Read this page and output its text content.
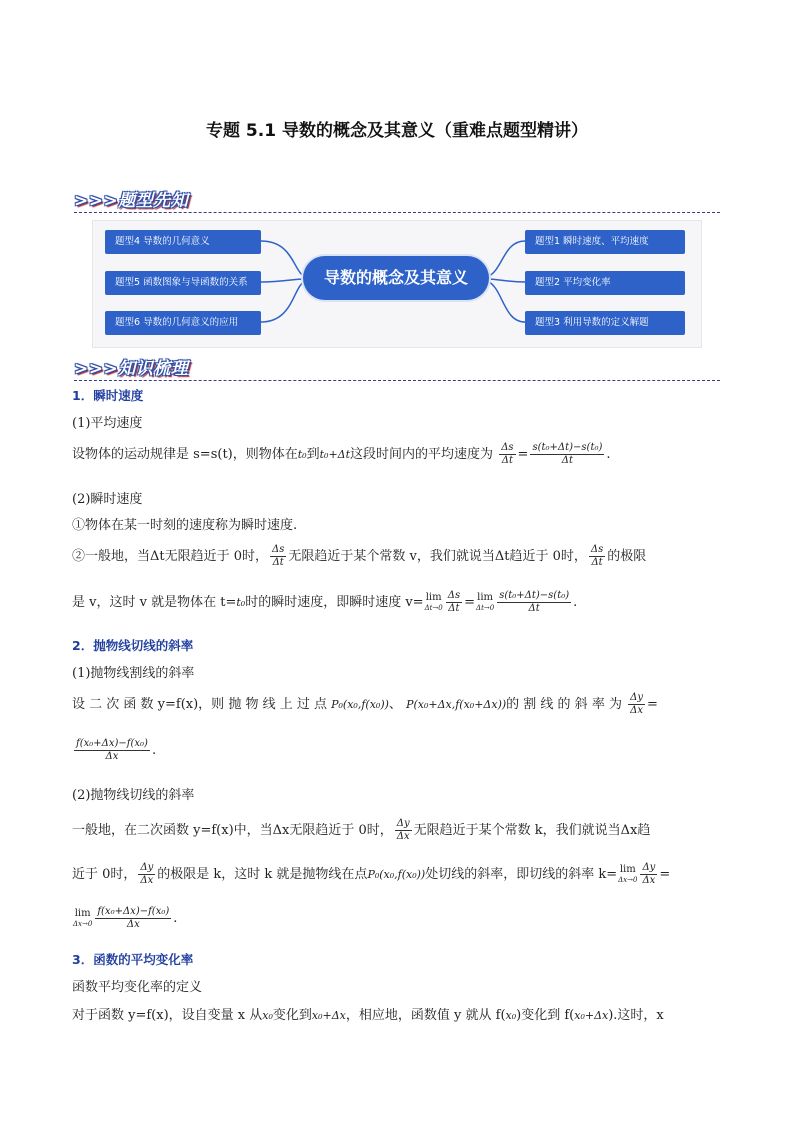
专题 5.1 导数的概念及其意义（重难点题型精讲）
>>>题型先知
题型4 导数的几何意义
题型5 函数图象与导函数的关系
题型6 导数的几何意义的应用
导数的概念及其意义
题型1 瞬时速度、平均速度
题型2 平均变化率
题型3 利用导数的定义解题
>>>知识梳理
1．瞬时速度
(1)平均速度
设物体的运动规律是 s=s(t)，则物体在t₀到t₀+Δt这段时间内的平均速度为 $\frac{\Delta s}{\Delta t} = \frac{\text{s(t₀+Δt)−s(t₀)}}{\Delta t}$ .
(2)瞬时速度
①物体在某一时刻的速度称为瞬时速度.
②一般地，当Δt无限趋近于 0时， $\frac{\Delta s}{\Delta t}$ 无限趋近于某个常数 v，我们就说当Δt趋近于 0时， $\frac{\Delta s}{\Delta t}$ 的极限
是 v，这时 v 就是物体在 t=t₀时的瞬时速度，即瞬时速度 v= lim
$\Delta t\to 0 \frac{\Delta s}{\Delta t} = \lim$
$\Delta t\to 0 \frac{\text{s(t₀+Δt)−s(t₀)}}{\Delta t}$ .
2．抛物线切线的斜率
(1)抛物线割线的斜率
设 二 次 函 数 y=f(x)，则 抛 物 线 上 过 点 P₀(x₀,f(x₀))、 P(x₀+Δx,f(x₀+Δx))的 割 线 的 斜 率 为 $\frac{\Delta y}{\Delta x}$ =
$\frac{\text{f(x₀+Δx)−f(x₀)}}{\Delta x}$ .
(2)抛物线切线的斜率
一般地，在二次函数 y=f(x)中，当Δx无限趋近于 0时， $\frac{\Delta y}{\Delta x}$ 无限趋近于某个常数 k，我们就说当Δx趋
近于 0时， $\frac{\Delta y}{\Delta x}$ 的极限是 k，这时 k 就是抛物线在点P₀(x₀,f(x₀))处切线的斜率，即切线的斜率 k= lim
$\Delta x\to 0 \frac{\Delta y}{\Delta x}$ =
lim
$\Delta x\to 0 \frac{\text{f(x₀+Δx)−f(x₀)}}{\Delta x}$ .
3．函数的平均变化率
函数平均变化率的定义
对于函数 y=f(x)，设自变量 x 从x₀变化到x₀+Δx，相应地，函数值 y 就从 f(x₀)变化到 f(x₀+Δx).这时，x
